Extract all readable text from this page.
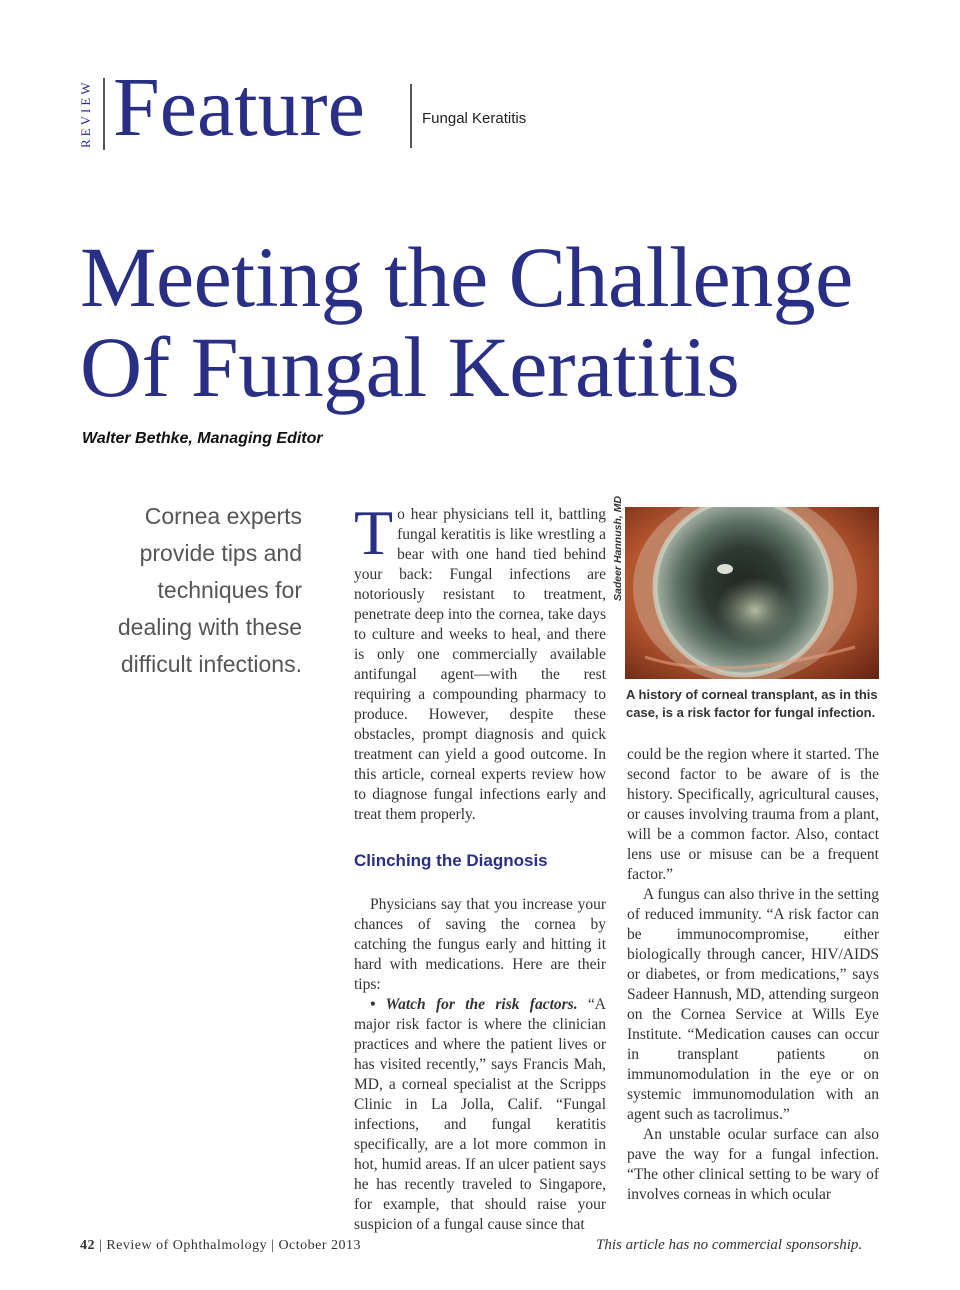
REVIEW Feature	Fungal Keratitis
Meeting the Challenge
Of Fungal Keratitis
Walter Bethke, Managing Editor
Cornea experts provide tips and techniques for dealing with these difficult infections.

To hear physicians tell it, battling fungal keratitis is like wrestling a bear with one hand tied behind your back: Fungal infections are notoriously resistant to treatment, penetrate deep into the cornea, take days to culture and weeks to heal, and there is only one commercially available antifungal agent—with the rest requiring a compounding pharmacy to produce. However, despite these obstacles, prompt diagnosis and quick treatment can yield a good outcome. In this article, corneal experts review how to diagnose fungal infections early and treat them properly.

Clinching the Diagnosis

Physicians say that you increase your chances of saving the cornea by catching the fungus early and hitting it hard with medications. Here are their tips:

• Watch for the risk factors. “A major risk factor is where the clinician practices and where the patient lives or has visited recently,” says Francis Mah, MD, a corneal specialist at the Scripps Clinic in La Jolla, Calif. “Fungal infections, and fungal keratitis specifically, are a lot more common in hot, humid areas. If an ulcer patient says he has recently traveled to Singapore, for example, that should raise your suspicion of a fungal cause since that

Sadeer Hannush, MD
A history of corneal transplant, as in this case, is a risk factor for fungal infection.

could be the region where it started. The second factor to be aware of is the history. Specifically, agricultural causes, or causes involving trauma from a plant, will be a common factor. Also, contact lens use or misuse can be a frequent factor.”

A fungus can also thrive in the setting of reduced immunity. “A risk factor can be immunocompromise, either biologically through cancer, HIV/AIDS or diabetes, or from medications,” says Sadeer Hannush, MD, attending surgeon on the Cornea Service at Wills Eye Institute. “Medication causes can occur in transplant patients on immunomodulation in the eye or on systemic immunomodulation with an agent such as tacrolimus.”

An unstable ocular surface can also pave the way for a fungal infection. “The other clinical setting to be wary of involves corneas in which ocular

42 | Review of Ophthalmology | October 2013	This article has no commercial sponsorship.
